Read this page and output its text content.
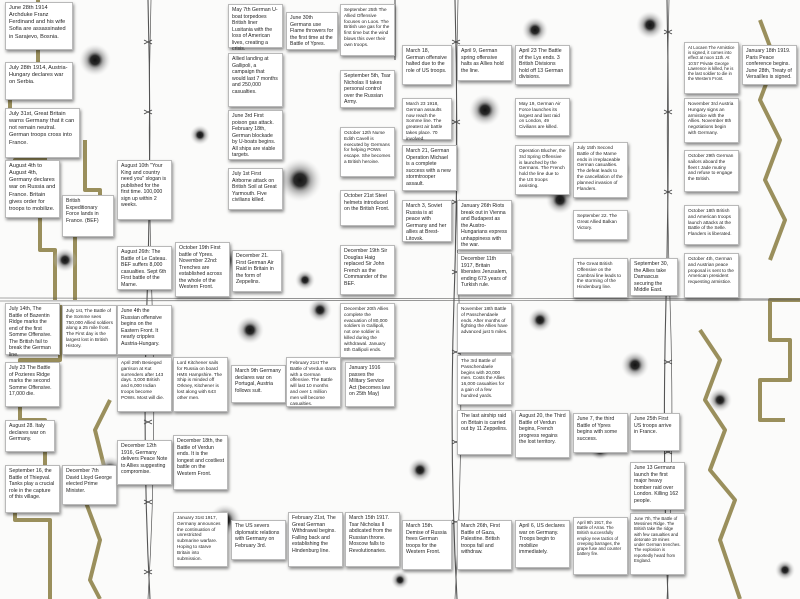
June 28th 1914 Archduke Franz Ferdinand and his wife Sofia are assassinated in Sarajevo, Bosnia.
July 28th 1914, Austria-Hungary declares war on Serbia.
July 31st, Great Britain warns Germany that it can not remain neutral. German troops cross into France.
August 4th to August 4th, Germany declares war on Russia and France. Britain gives order for troops to mobilize.
British Expeditionary Force lands in France. (BEF)
August 10th "Your King and country need you" slogan is published for the first time. 100,000 sign up within 2 weeks.
August 26th: The Battle of Le Cateau. BEF suffers 8,000 casualties. Sept 6th First battle of the Marne.
October 19th First battle of Ypres. November 22nd: Trenches are established across the whole of the Western Front.
December 21. First German Air Raid in Britain in the form of Zeppelins.
May 7th German U-boat torpedoes British liner Lusitania with the loss of American lives, creating a crisis.
Allied landing at Gallipoli, a campaign that would last 7 months and 250,000 casualties.
June 3rd First poison gas attack. February 18th, German blockade by U-boats begins. All ships are viable targets.
July 1st First Airborne attack on British Soil at Great Yarmouth. Five civilians killed.
June 30th Germans use Flame throwers for the first time at the Battle of Ypres.
September 25th The Allied Offensive focuses on Loos. The British use gas for the first time but the wind blows this over their own troops.
September 5th, Tsar Nicholas II takes personal control over the Russian Army.
October 12th Nurse Edith Cavell is executed by Germans for helping POWs escape. She becomes a British heroine.
October 21st Steel helmets introduced on the British Front.
December 19th Sir Douglas Haig replaced Sir John French as the Commander of the BEF.
December 20th Allies complete the evacuation of 80,000 soldiers in Gallipoli, not one soldier is killed during the withdrawal. January 8th Gallipoli ends.
March 18, German offensive halted due to the role of US troops.
April 9, German spring offensive halts as Allies hold the line.
April 23 The Battle of the Lys ends. 3 British Divisions hold off 13 German divisions.
March 23 1918, German assaults now reach the Somme line. The greatest air battle takes place. 70 involved.
May 19, German Air Force launches its largest and last raid on London, 49 Civilians are killed.
March 21, German Operation Michael is a complete success with a new stormtrooper assault.
Operation Blucher, the 3rd Spring Offensive is launched by the Germans. The French hold the line due to the US troops assisting.
July 15th Second Battle of the Marne ends in irreplaceable German casualties. The defeat leads to the cancellation of the planned invasion of Flanders.
March 3, Soviet Russia is at peace with Germany and her allies at Brest-Litovsk.
January 26th Riots break out in Vienna and Budapest as the Austro-Hungarians express unhappiness with the war.
September 22. The Great Allied Balkan Victory.
December 11th 1917, Britain liberates Jerusalem, ending 673 years of Turkish rule.
The Great British Offensive on the Cambrai line leads to the storming of the Hindenburg line.
September 30, the Allies take Damascus securing the Middle East.
At Locaen The Armistice is signed, it comes into effect at noon 11th. At 10:57 Private George Lawrence is killed, he is the last soldier to die in the Western Front.
January 18th 1919. Paris Peace conference begins. June 28th, Treaty of Versailles is signed.
November 3rd Austria Hungary signs an armistice with the Allies. November 8th negotiations begin with Germany.
October 29th German sailors aboard the fleet t Jade mutiny and refuse to engage the British.
October 18th British and American troops launch attacks at the Battle of the Selle. Flanders is liberated.
October 4th, German and Austrian peace proposal is sent to the American president requesting armistice.
July 14th, The Battle of Bazentin Ridge marks the end of the first Somme Offensive. The British fail to break the German line.
July 1st, The Battle of the Somme sees 750,000 Allied soldiers along a 25 mile front. The First day is the largest lost in British History.
June 4th the Russian offensive begins on the Eastern Front. It nearly cripples Austria-Hungary.
July 23 The Battle of Pozieres Ridge marks the second Somme Offensive. 17,000 die.
April 29th Besieged garrison at Kut surrenders after 143 days. 3,000 British and 6,000 Indian troops become POWs. Most will die.
Lord Kitchener sails for Russia on board HMS Hampshire. The Ship is minded off Orkney, Kitchener is lost along with 643 other men.
March 9th Germany declares war on Portugal, Austria follows suit.
February 21st The Battle of Verdun starts with a German offensive. The Battle will last 10 months and over 1 million men will become casualties.
January 1916 passes the Military Service Act (becomes law on 25th May)
November 18th Battle of Passchendaele ends. After months of fighting the Allies have advanced just 5 miles.
The 3rd Battle of Passchendaele begins with 20,000 men. Costs the Allies 16,000 casualties for a gain of a few hundred yards.
August 28. Italy declares war on Germany.	December 18th, the Battle of Verdun ends. It is the longest and costliest battle on the Western Front.
September 16, the Battle of Thiepval. Tanks play a crucial role in the capture of this village.
December 7th David Lloyd George elected Prime Minister.
December 12th 1916, Germany delivers Peace Note to Allies suggesting compromise.
The last airship raid on Britain is carried out by 11 Zeppelins.
August 20, the Third Battle of Verdun begins, French progress regains the lost territory.
June 7, the third Battle of Ypres begins with some success.
June 25th First US troops arrive in France.
June 13 Germans launch the first major heavy bomber raid over London. Killing 162 people.
January 31st 1917, Germany announces the continuation of unrestricted submarine warfare. Hoping to starve Britain into submission.
The US severs diplomatic relations with Germany on February 3rd.
February 21st, The Great German Withdrawal begins. Falling back and establishing the Hindenburg line.
March 15th 1917. Tsar Nicholas II abdicated from the Russian throne. Moscow falls to Revolutionaries.
March 15th. Demise of Russia frees German troops for the Western Front.
March 26th, First Battle of Gaza, Palestine. British troops fail and withdraw.
April 6, US declares war on Germany. Troops begin to mobilize immediately.
April 9th 1917, the Battle of Arras. The British successfully employ new tactics of creeping barrages, the grape fuse and counter battery fire.
June 7th, The Battle of Messines Ridge. The British take the ridge with few casualties and detonate 19 mines under German trenches. The explosion is reportedly heard from England.
